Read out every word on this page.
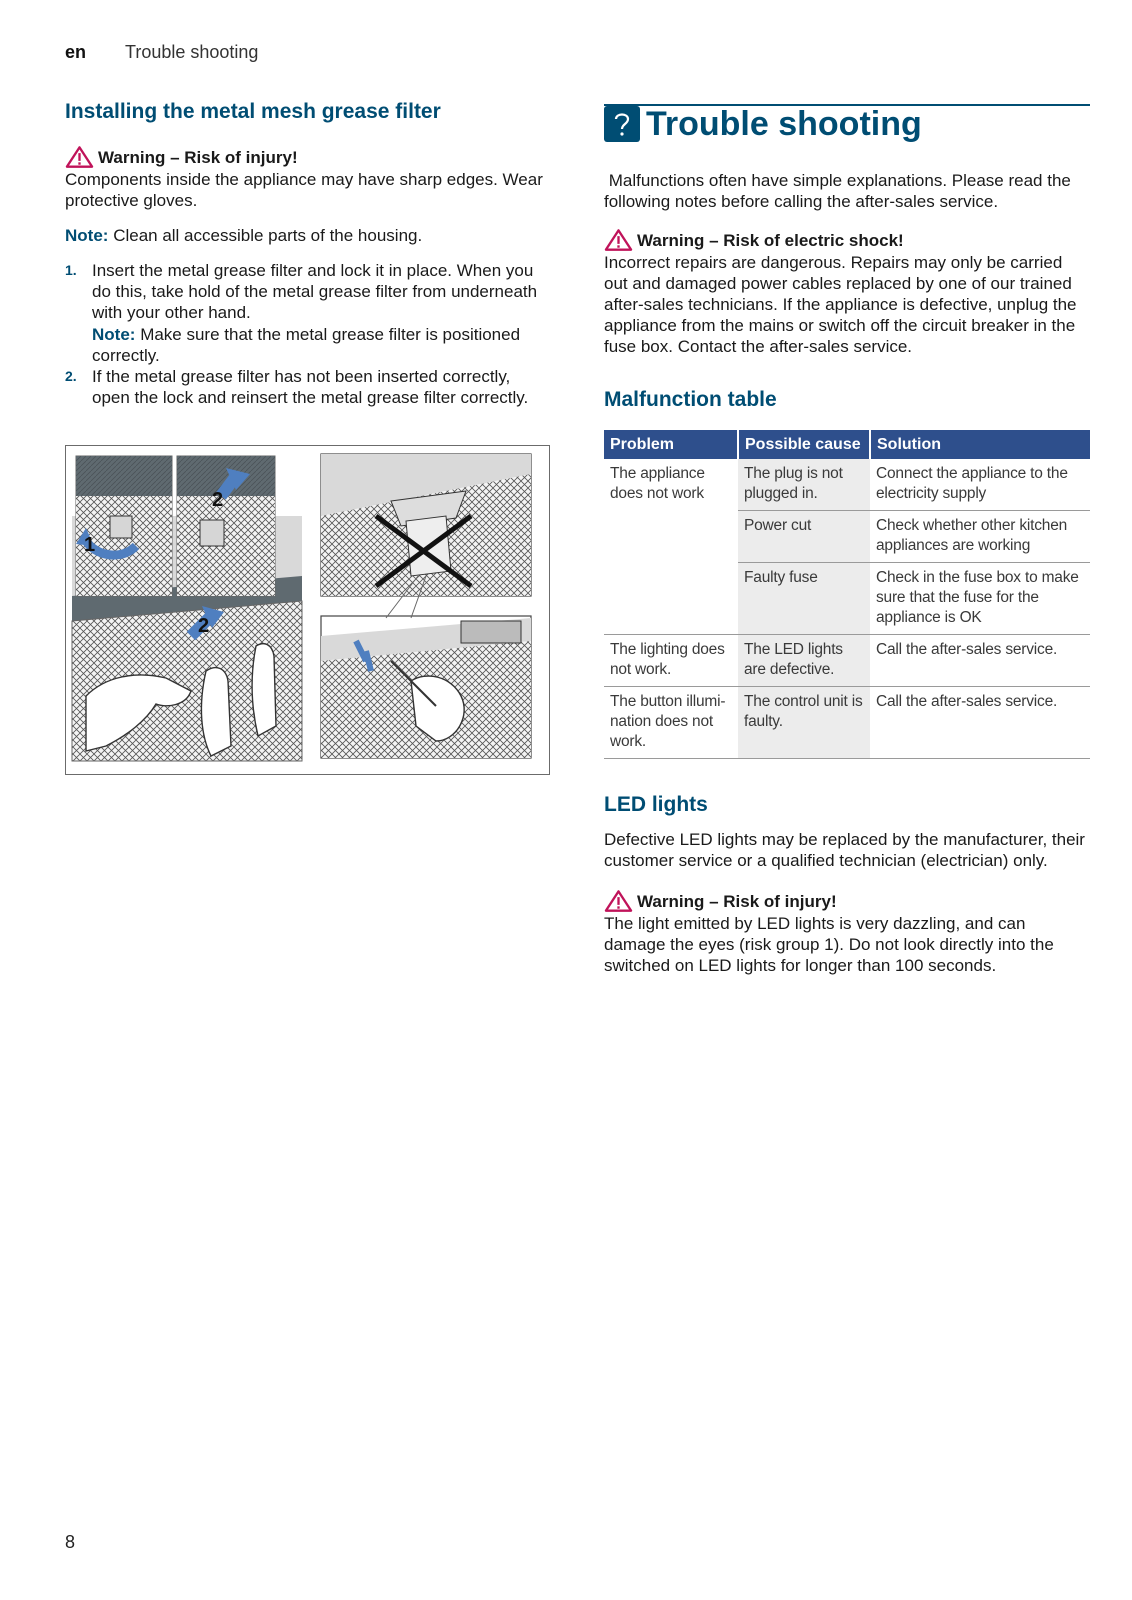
en Trouble shooting
Installing the metal mesh grease filter
Warning – Risk of injury!

Components inside the appliance may have sharp edges. Wear protective gloves.

Note: Clean all accessible parts of the housing.

1. Insert the metal grease filter and lock it in place. When you do this, take hold of the metal grease filter from underneath with your other hand.
Note: Make sure that the metal grease filter is positioned correctly.
2. If the metal grease filter has not been inserted correctly, open the lock and reinsert the metal grease filter correctly.
1
2
2
Trouble shooting

Malfunctions often have simple explanations. Please read the following notes before calling the after-sales service.

Warning – Risk of electric shock!

Incorrect repairs are dangerous. Repairs may only be carried out and damaged power cables replaced by one of our trained after-sales technicians. If the appliance is defective, unplug the appliance from the mains or switch off the circuit breaker in the fuse box. Contact the after-sales service.

Malfunction table
Problem	Possible cause	Solution
The appliance does not work	The plug is not plugged in.	Connect the appliance to the electricity supply
	Power cut	Check whether other kitchen appliances are working
	Faulty fuse	Check in the fuse box to make sure that the fuse for the appliance is OK
The lighting does not work.	The LED lights are defective.	Call the after-sales service.
The button illumi-nation does not work.	The control unit is faulty.	Call the after-sales service.
LED lights

Defective LED lights may be replaced by the manufacturer, their customer service or a qualified technician (electrician) only.

Warning – Risk of injury!

The light emitted by LED lights is very dazzling, and can damage the eyes (risk group 1). Do not look directly into the switched on LED lights for longer than 100 seconds.

8
